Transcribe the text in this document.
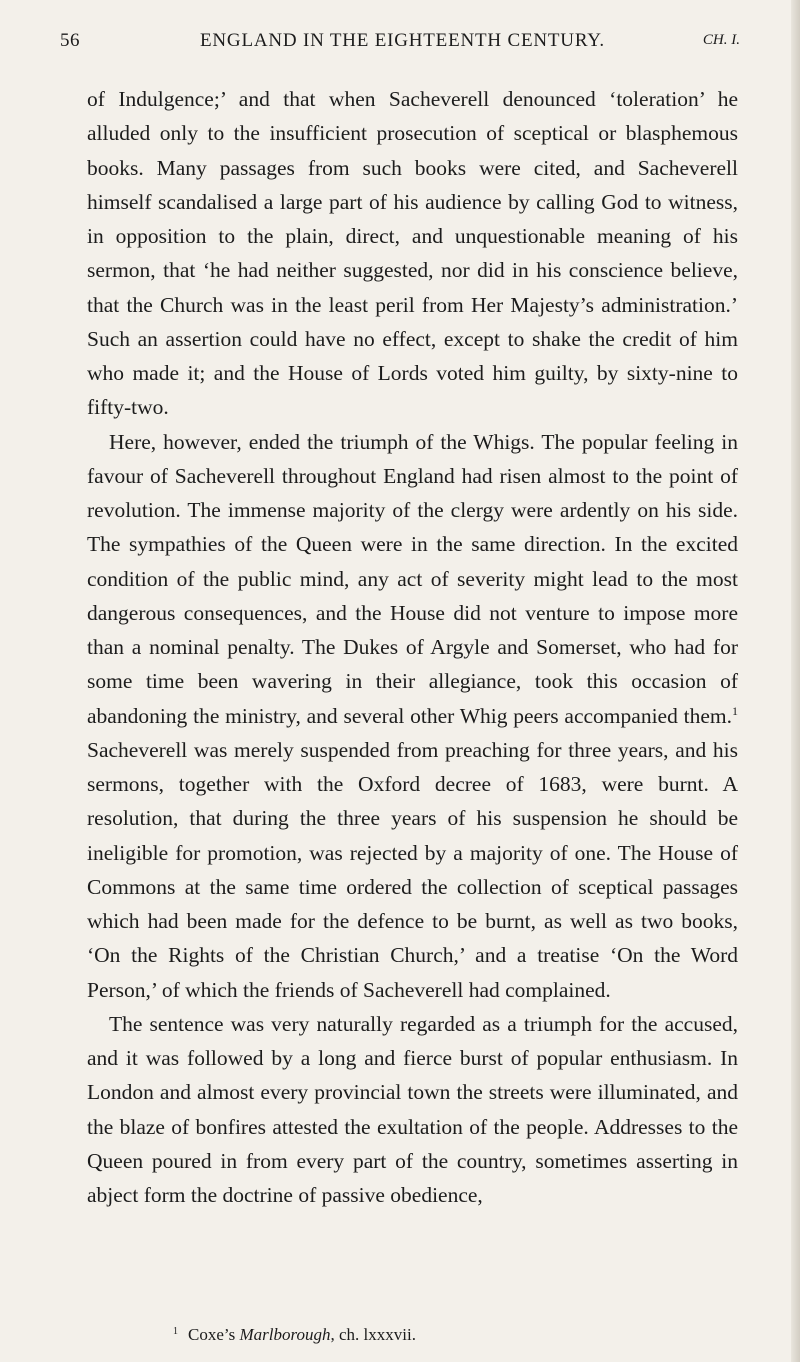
56	ENGLAND IN THE EIGHTEENTH CENTURY.	CH. I.

of Indulgence;’ and that when Sacheverell denounced ‘toleration’ he alluded only to the insufficient prosecution of sceptical or blasphemous books. Many passages from such books were cited, and Sacheverell himself scandalised a large part of his audience by calling God to witness, in opposition to the plain, direct, and unquestionable meaning of his sermon, that ‘he had neither suggested, nor did in his conscience believe, that the Church was in the least peril from Her Majesty’s administration.’ Such an assertion could have no effect, except to shake the credit of him who made it; and the House of Lords voted him guilty, by sixty-nine to fifty-two.

Here, however, ended the triumph of the Whigs. The popular feeling in favour of Sacheverell throughout England had risen almost to the point of revolution. The immense majority of the clergy were ardently on his side. The sympathies of the Queen were in the same direction. In the excited condition of the public mind, any act of severity might lead to the most dangerous consequences, and the House did not venture to impose more than a nominal penalty. The Dukes of Argyle and Somerset, who had for some time been wavering in their allegiance, took this occasion of abandoning the ministry, and several other Whig peers accompanied them.$^1$ Sacheverell was merely suspended from preaching for three years, and his sermons, together with the Oxford decree of 1683, were burnt. A resolution, that during the three years of his suspension he should be ineligible for promotion, was rejected by a majority of one. The House of Commons at the same time ordered the collection of sceptical passages which had been made for the defence to be burnt, as well as two books, ‘On the Rights of the Christian Church,’ and a treatise ‘On the Word Person,’ of which the friends of Sacheverell had complained.

The sentence was very naturally regarded as a triumph for the accused, and it was followed by a long and fierce burst of popular enthusiasm. In London and almost every provincial town the streets were illuminated, and the blaze of bonfires attested the exultation of the people. Addresses to the Queen poured in from every part of the country, sometimes asserting in abject form the doctrine of passive obedience,

$^1$ Coxe’s Marlborough, ch. lxxxvii.
